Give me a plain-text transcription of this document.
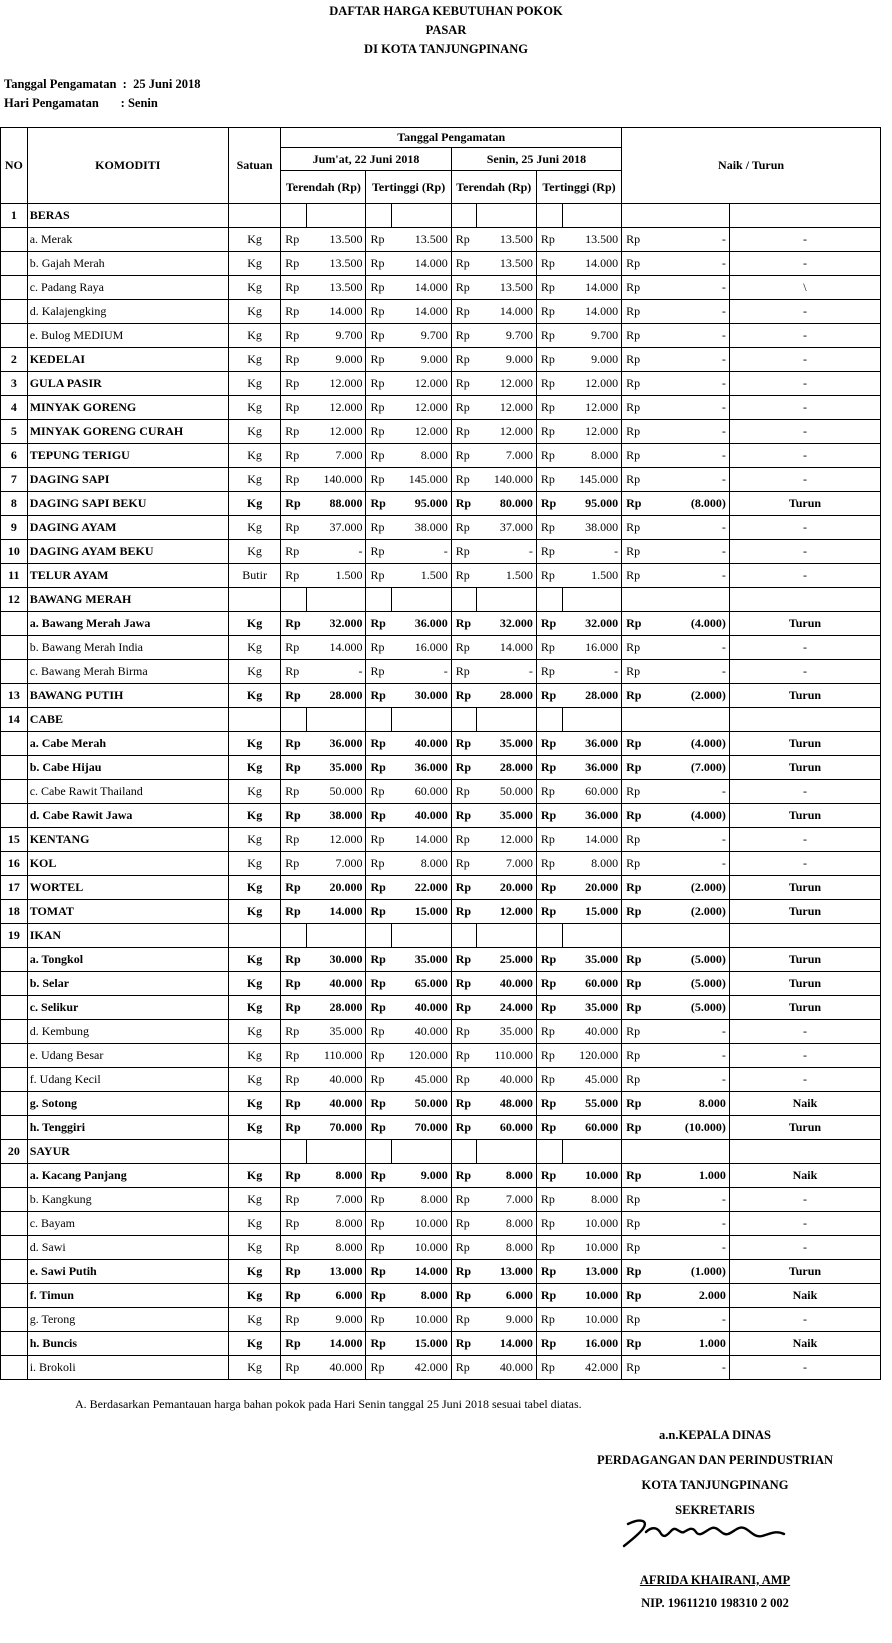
DAFTAR HARGA KEBUTUHAN POKOK
PASAR
DI KOTA TANJUNGPINANG
Tanggal Pengamatan  :  25 Juni 2018
Hari Pengamatan       : Senin
NO	KOMODITI	Satuan	Tanggal Pengamatan								Naik / Turun		
			Jum'at, 22 Juni 2018				Senin, 25 Juni 2018						
			Terendah (Rp)		Tertinggi (Rp)		Terendah (Rp)		Tertinggi (Rp)				
1	BERAS												
	a. Merak	Kg	Rp	13.500	Rp	13.500	Rp	13.500	Rp	13.500	Rp	-	-
	b. Gajah Merah	Kg	Rp	13.500	Rp	14.000	Rp	13.500	Rp	14.000	Rp	-	-
	c. Padang Raya	Kg	Rp	13.500	Rp	14.000	Rp	13.500	Rp	14.000	Rp	-	\
	d. Kalajengking	Kg	Rp	14.000	Rp	14.000	Rp	14.000	Rp	14.000	Rp	-	-
	e. Bulog MEDIUM	Kg	Rp	9.700	Rp	9.700	Rp	9.700	Rp	9.700	Rp	-	-
2	KEDELAI	Kg	Rp	9.000	Rp	9.000	Rp	9.000	Rp	9.000	Rp	-	-
3	GULA PASIR	Kg	Rp	12.000	Rp	12.000	Rp	12.000	Rp	12.000	Rp	-	-
4	MINYAK GORENG	Kg	Rp	12.000	Rp	12.000	Rp	12.000	Rp	12.000	Rp	-	-
5	MINYAK GORENG CURAH	Kg	Rp	12.000	Rp	12.000	Rp	12.000	Rp	12.000	Rp	-	-
6	TEPUNG TERIGU	Kg	Rp	7.000	Rp	8.000	Rp	7.000	Rp	8.000	Rp	-	-
7	DAGING SAPI	Kg	Rp	140.000	Rp	145.000	Rp	140.000	Rp	145.000	Rp	-	-
8	DAGING SAPI BEKU	Kg	Rp	88.000	Rp	95.000	Rp	80.000	Rp	95.000	Rp	(8.000)	Turun
9	DAGING AYAM	Kg	Rp	37.000	Rp	38.000	Rp	37.000	Rp	38.000	Rp	-	-
10	DAGING AYAM BEKU	Kg	Rp	-	Rp	-	Rp	-	Rp	-	Rp	-	-
11	TELUR AYAM	Butir	Rp	1.500	Rp	1.500	Rp	1.500	Rp	1.500	Rp	-	-
12	BAWANG MERAH												
	a. Bawang Merah Jawa	Kg	Rp	32.000	Rp	36.000	Rp	32.000	Rp	32.000	Rp	(4.000)	Turun
	b. Bawang Merah India	Kg	Rp	14.000	Rp	16.000	Rp	14.000	Rp	16.000	Rp	-	-
	c. Bawang Merah Birma	Kg	Rp	-	Rp	-	Rp	-	Rp	-	Rp	-	-
13	BAWANG PUTIH	Kg	Rp	28.000	Rp	30.000	Rp	28.000	Rp	28.000	Rp	(2.000)	Turun
14	CABE												
	a. Cabe Merah	Kg	Rp	36.000	Rp	40.000	Rp	35.000	Rp	36.000	Rp	(4.000)	Turun
	b. Cabe Hijau	Kg	Rp	35.000	Rp	36.000	Rp	28.000	Rp	36.000	Rp	(7.000)	Turun
	c. Cabe Rawit Thailand	Kg	Rp	50.000	Rp	60.000	Rp	50.000	Rp	60.000	Rp	-	-
	d. Cabe Rawit Jawa	Kg	Rp	38.000	Rp	40.000	Rp	35.000	Rp	36.000	Rp	(4.000)	Turun
15	KENTANG	Kg	Rp	12.000	Rp	14.000	Rp	12.000	Rp	14.000	Rp	-	-
16	KOL	Kg	Rp	7.000	Rp	8.000	Rp	7.000	Rp	8.000	Rp	-	-
17	WORTEL	Kg	Rp	20.000	Rp	22.000	Rp	20.000	Rp	20.000	Rp	(2.000)	Turun
18	TOMAT	Kg	Rp	14.000	Rp	15.000	Rp	12.000	Rp	15.000	Rp	(2.000)	Turun
19	IKAN												
	a. Tongkol	Kg	Rp	30.000	Rp	35.000	Rp	25.000	Rp	35.000	Rp	(5.000)	Turun
	b. Selar	Kg	Rp	40.000	Rp	65.000	Rp	40.000	Rp	60.000	Rp	(5.000)	Turun
	c. Selikur	Kg	Rp	28.000	Rp	40.000	Rp	24.000	Rp	35.000	Rp	(5.000)	Turun
	d. Kembung	Kg	Rp	35.000	Rp	40.000	Rp	35.000	Rp	40.000	Rp	-	-
	e. Udang Besar	Kg	Rp	110.000	Rp	120.000	Rp	110.000	Rp	120.000	Rp	-	-
	f. Udang Kecil	Kg	Rp	40.000	Rp	45.000	Rp	40.000	Rp	45.000	Rp	-	-
	g. Sotong	Kg	Rp	40.000	Rp	50.000	Rp	48.000	Rp	55.000	Rp	8.000	Naik
	h. Tenggiri	Kg	Rp	70.000	Rp	70.000	Rp	60.000	Rp	60.000	Rp	(10.000)	Turun
20	SAYUR												
	a. Kacang Panjang	Kg	Rp	8.000	Rp	9.000	Rp	8.000	Rp	10.000	Rp	1.000	Naik
	b. Kangkung	Kg	Rp	7.000	Rp	8.000	Rp	7.000	Rp	8.000	Rp	-	-
	c. Bayam	Kg	Rp	8.000	Rp	10.000	Rp	8.000	Rp	10.000	Rp	-	-
	d. Sawi	Kg	Rp	8.000	Rp	10.000	Rp	8.000	Rp	10.000	Rp	-	-
	e. Sawi Putih	Kg	Rp	13.000	Rp	14.000	Rp	13.000	Rp	13.000	Rp	(1.000)	Turun
	f. Timun	Kg	Rp	6.000	Rp	8.000	Rp	6.000	Rp	10.000	Rp	2.000	Naik
	g. Terong	Kg	Rp	9.000	Rp	10.000	Rp	9.000	Rp	10.000	Rp	-	-
	h. Buncis	Kg	Rp	14.000	Rp	15.000	Rp	14.000	Rp	16.000	Rp	1.000	Naik
	i. Brokoli	Kg	Rp	40.000	Rp	42.000	Rp	40.000	Rp	42.000	Rp	-	-
A. Berdasarkan Pemantauan harga bahan pokok pada Hari Senin tanggal 25 Juni 2018 sesuai tabel diatas.
a.n.KEPALA DINAS
PERDAGANGAN DAN PERINDUSTRIAN
KOTA TANJUNGPINANG
SEKRETARIS
AFRIDA KHAIRANI, AMP
NIP. 19611210 198310 2 002
